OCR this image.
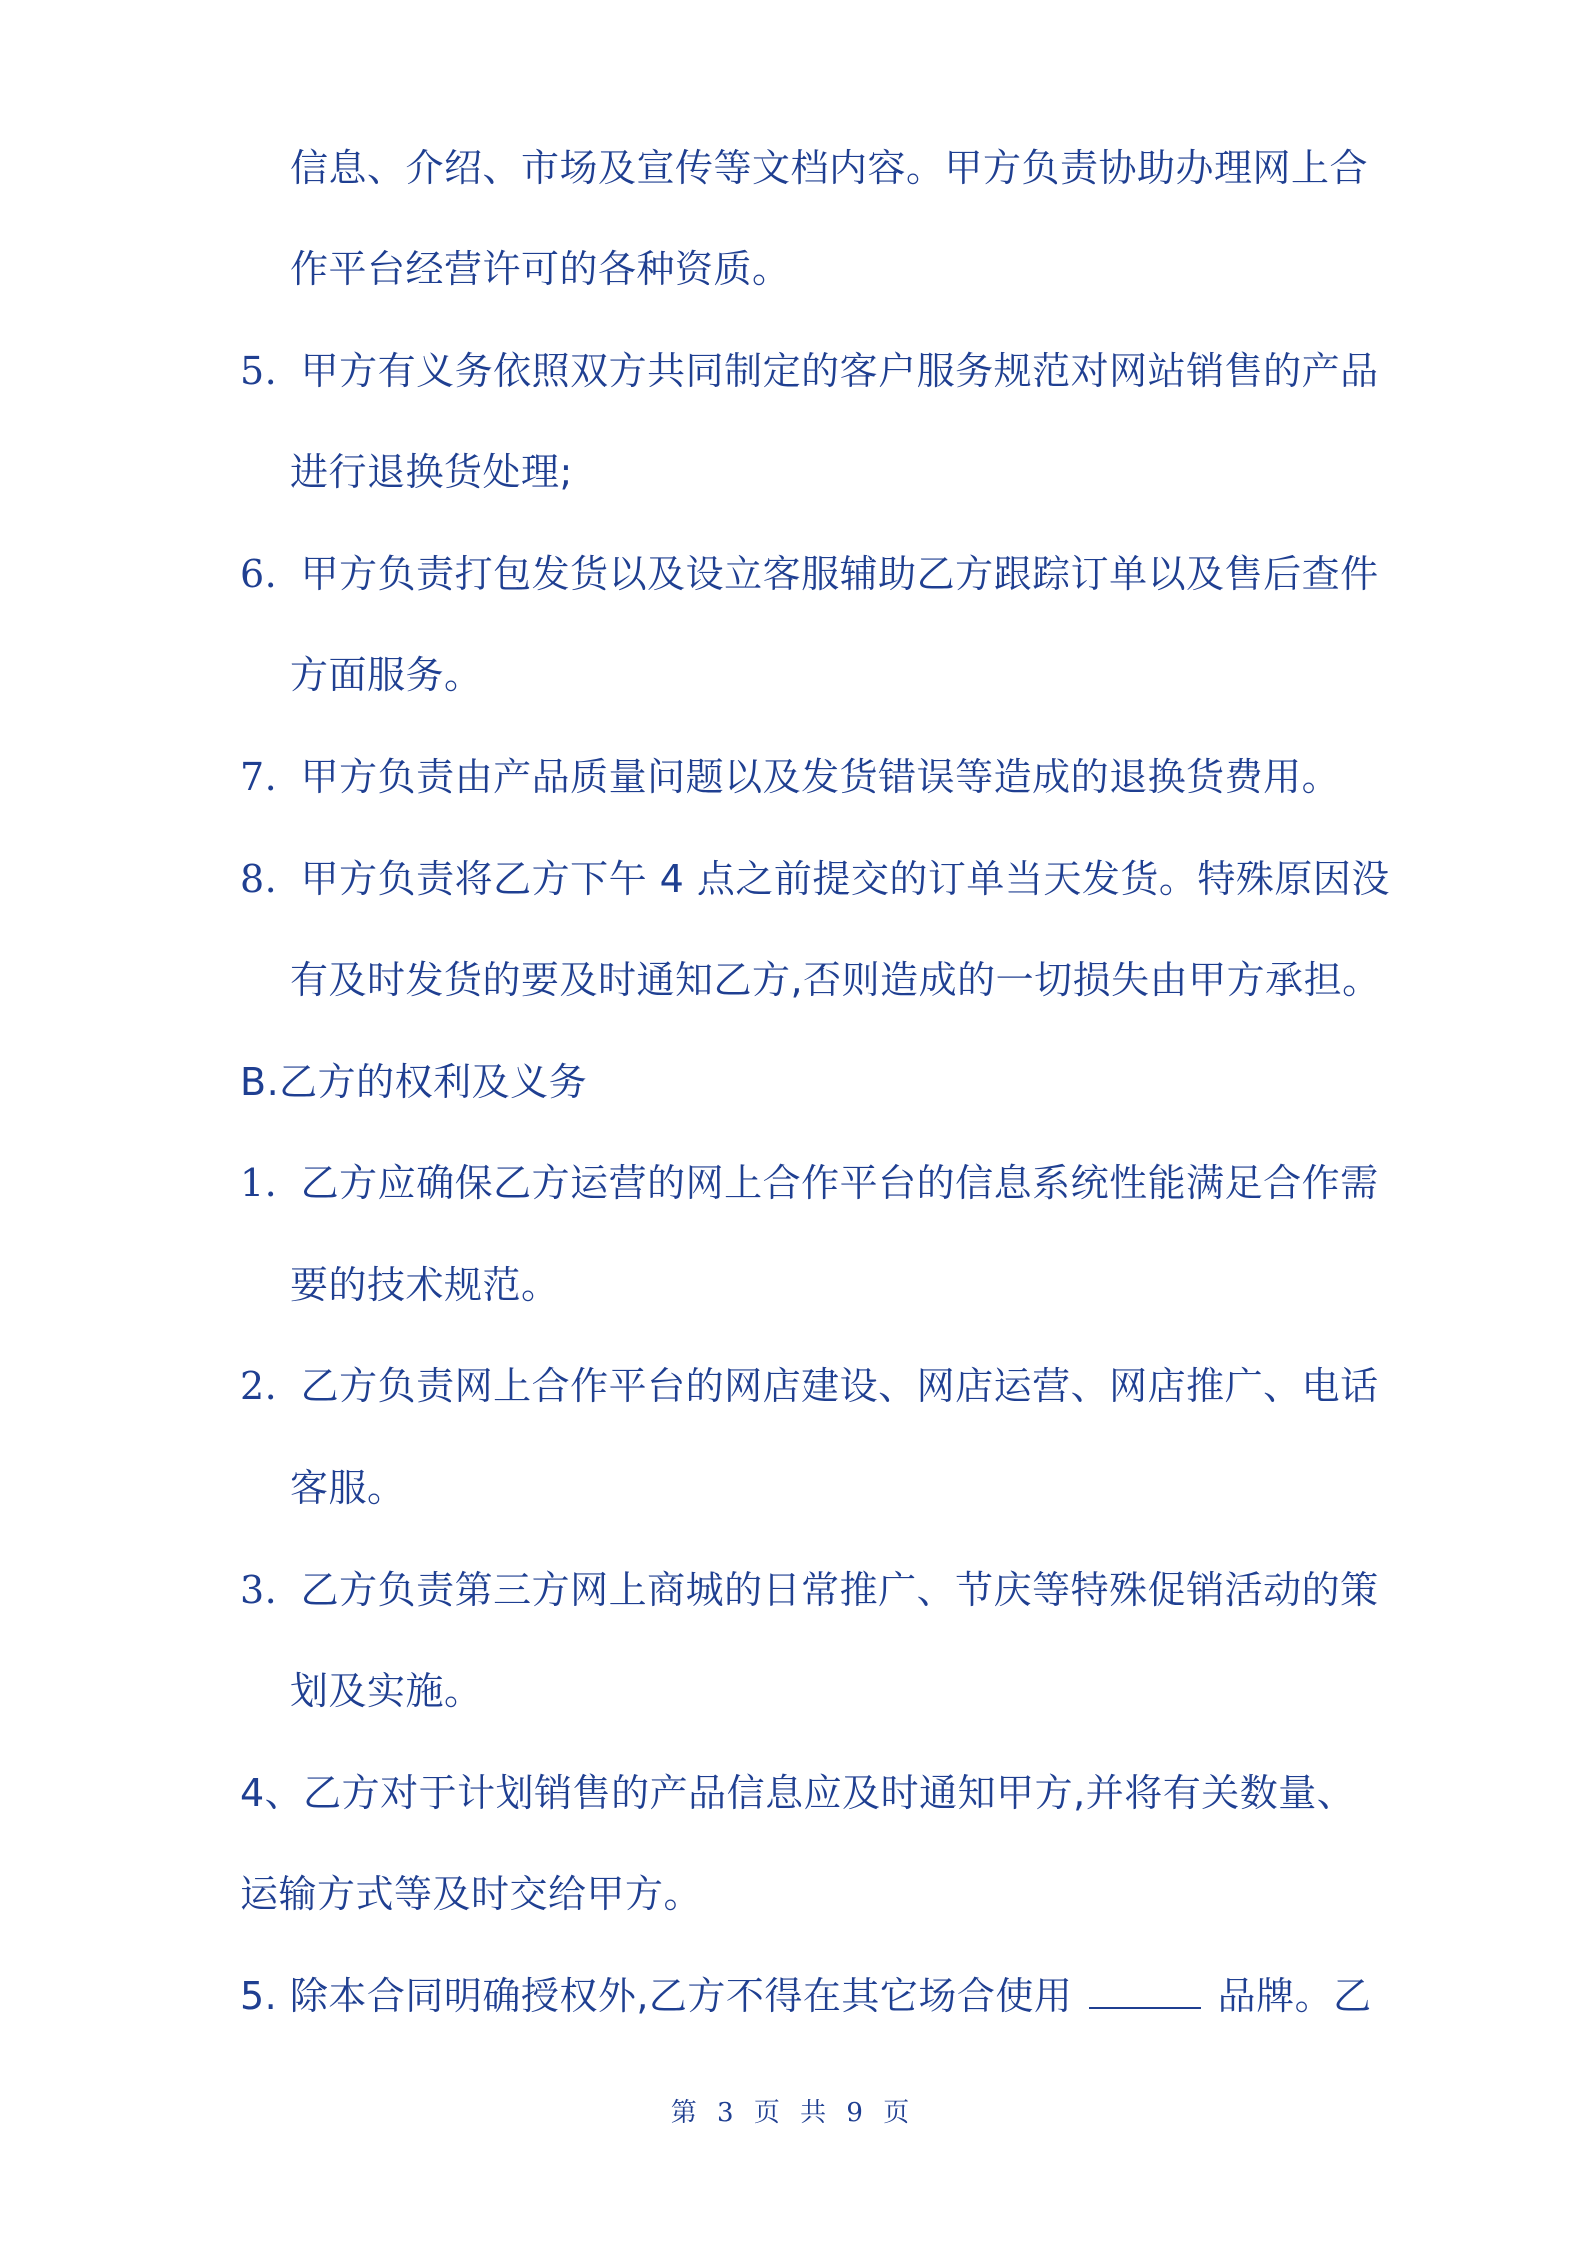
信息、介绍、市场及宣传等文档内容。甲方负责协助办理网上合
作平台经营许可的各种资质。
5. 甲方有义务依照双方共同制定的客户服务规范对网站销售的产品
进行退换货处理;
6. 甲方负责打包发货以及设立客服辅助乙方跟踪订单以及售后查件
方面服务。
7. 甲方负责由产品质量问题以及发货错误等造成的退换货费用。
8. 甲方负责将乙方下午 4 点之前提交的订单当天发货。特殊原因没
有及时发货的要及时通知乙方,否则造成的一切损失由甲方承担。
B.乙方的权利及义务
1. 乙方应确保乙方运营的网上合作平台的信息系统性能满足合作需
要的技术规范。
2. 乙方负责网上合作平台的网店建设、网店运营、网店推广、电话
客服。
3. 乙方负责第三方网上商城的日常推广、节庆等特殊促销活动的策
划及实施。
4、乙方对于计划销售的产品信息应及时通知甲方,并将有关数量、
运输方式等及时交给甲方。
5. 除本合同明确授权外,乙方不得在其它场合使用	品牌。乙
第 3 页 共 9 页
